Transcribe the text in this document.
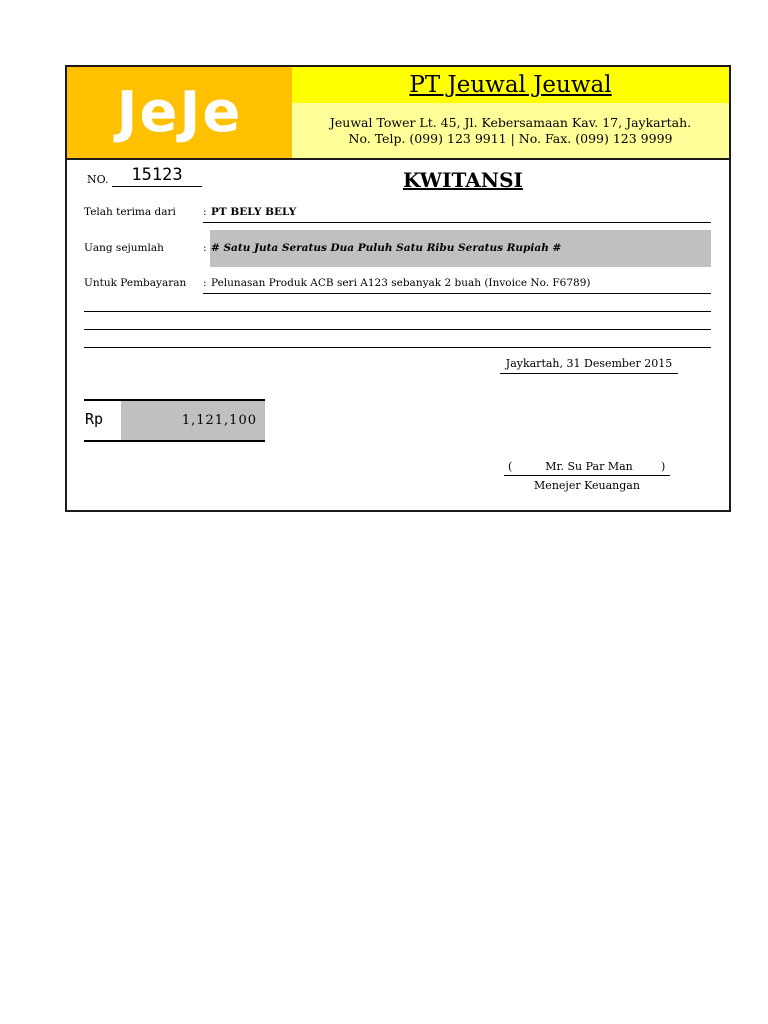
JeJe	PT Jeuwal Jeuwal
Jeuwal Tower Lt. 45, Jl. Kebersamaan Kav. 17, Jaykartah.
No. Telp. (099) 123 9911 | No. Fax. (099) 123 9999
NO.	15123	KWITANSI
Telah terima dari	: PT BELY BELY
Uang sejumlah	: # Satu Juta Seratus Dua Puluh Satu Ribu Seratus Rupiah #
Untuk Pembayaran : Pelunasan Produk ACB seri A123 sebanyak 2 buah (Invoice No. F6789)
Jaykartah, 31 Desember 2015
Rp	1,121,100
(	Mr. Su Par Man	)
Menejer Keuangan
